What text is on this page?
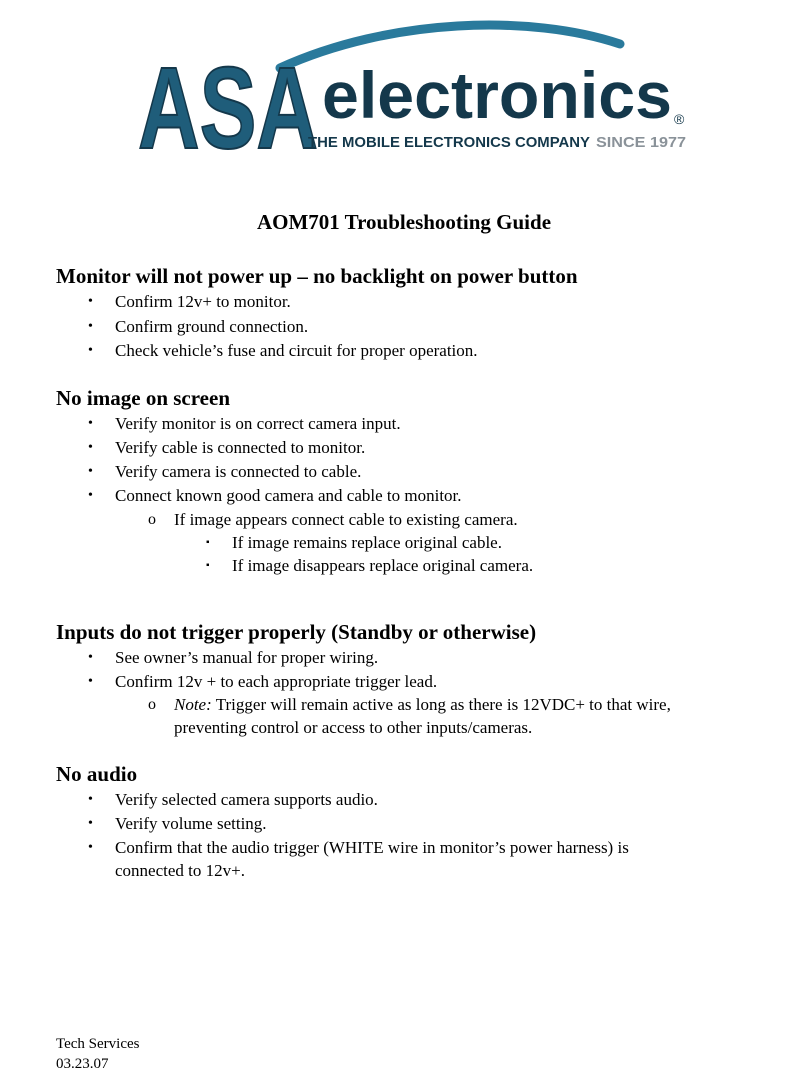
ASA electronics ®
THE MOBILE ELECTRONICS COMPANY SINCE 1977
AOM701 Troubleshooting Guide
Monitor will not power up – no backlight on power button
• Confirm 12v+ to monitor.
• Confirm ground connection.
• Check vehicle’s fuse and circuit for proper operation.
No image on screen
• Verify monitor is on correct camera input.
• Verify cable is connected to monitor.
• Verify camera is connected to cable.
• Connect known good camera and cable to monitor.
o If image appears connect cable to existing camera.
▪ If image remains replace original cable.
▪ If image disappears replace original camera.
Inputs do not trigger properly (Standby or otherwise)
• See owner’s manual for proper wiring.
• Confirm 12v + to each appropriate trigger lead.
o Note: Trigger will remain active as long as there is 12VDC+ to that wire,
preventing control or access to other inputs/cameras.
No audio
• Verify selected camera supports audio.
• Verify volume setting.
• Confirm that the audio trigger (WHITE wire in monitor’s power harness) is
connected to 12v+.
Tech Services
03.23.07
